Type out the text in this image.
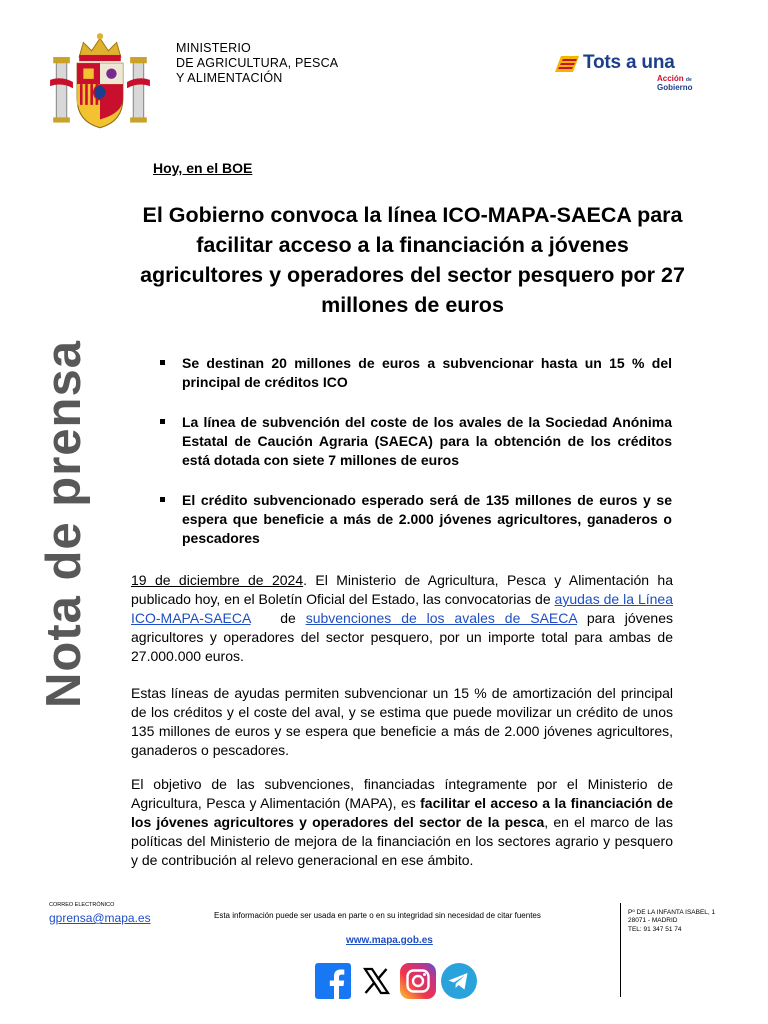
MINISTERIO
DE AGRICULTURA, PESCA
Y ALIMENTACIÓN
Tots a una
Acción de
Gobierno
Nota de prensa
Hoy, en el BOE
El Gobierno convoca la línea ICO-MAPA-SAECA para facilitar acceso a la financiación a jóvenes agricultores y operadores del sector pesquero por 27 millones de euros
Se destinan 20 millones de euros a subvencionar hasta un 15 % del principal de créditos ICO
La línea de subvención del coste de los avales de la Sociedad Anónima Estatal de Caución Agraria (SAECA) para la obtención de los créditos está dotada con siete 7 millones de euros
El crédito subvencionado esperado será de 135 millones de euros y se espera que beneficie a más de 2.000 jóvenes agricultores, ganaderos o pescadores
19 de diciembre de 2024. El Ministerio de Agricultura, Pesca y Alimentación ha publicado hoy, en el Boletín Oficial del Estado, las convocatorias de ayudas de la Línea ICO-MAPA-SAECA   de subvenciones de los avales de SAECA para jóvenes agricultores y operadores del sector pesquero, por un importe total para ambas de 27.000.000 euros.
Estas líneas de ayudas permiten subvencionar un 15 % de amortización del principal de los créditos y el coste del aval, y se estima que puede movilizar un crédito de unos 135 millones de euros y se espera que beneficie a más de 2.000 jóvenes agricultores, ganaderos o pescadores.
El objetivo de las subvenciones, financiadas íntegramente por el Ministerio de Agricultura, Pesca y Alimentación (MAPA), es facilitar el acceso a la financiación de los jóvenes agricultores y operadores del sector de la pesca, en el marco de las políticas del Ministerio de mejora de la financiación en los sectores agrario y pesquero y de contribución al relevo generacional en ese ámbito.
CORREO ELECTRÓNICO
gprensa@mapa.es	Esta información puede ser usada en parte o en su integridad sin necesidad de citar fuentes
www.mapa.gob.es
Pº DE LA INFANTA ISABEL, 1
28071 - MADRID
TEL: 91 347 51 74
